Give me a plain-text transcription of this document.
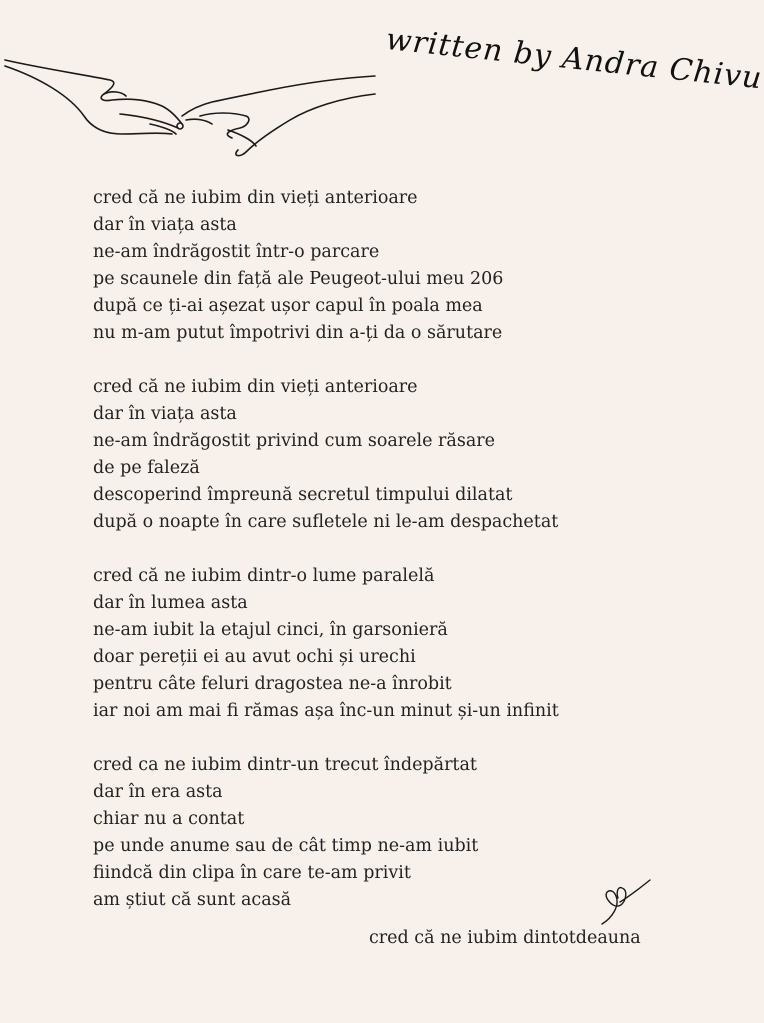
written by Andra Chivu
cred că ne iubim din vieți anterioare
dar în viața asta
ne-am îndrăgostit într-o parcare
pe scaunele din față ale Peugeot-ului meu 206
după ce ți-ai așezat ușor capul în poala mea
nu m-am putut împotrivi din a-ți da o sărutare
cred că ne iubim din vieți anterioare
dar în viața asta
ne-am îndrăgostit privind cum soarele răsare
de pe faleză
descoperind împreună secretul timpului dilatat
după o noapte în care sufletele ni le-am despachetat
cred că ne iubim dintr-o lume paralelă
dar în lumea asta
ne-am iubit la etajul cinci, în garsonieră
doar pereții ei au avut ochi și urechi
pentru câte feluri dragostea ne-a înrobit
iar noi am mai fi rămas așa înc-un minut și-un infinit
cred ca ne iubim dintr-un trecut îndepărtat
dar în era asta
chiar nu a contat
pe unde anume sau de cât timp ne-am iubit
fiindcă din clipa în care te-am privit
am știut că sunt acasă
cred că ne iubim dintotdeauna
